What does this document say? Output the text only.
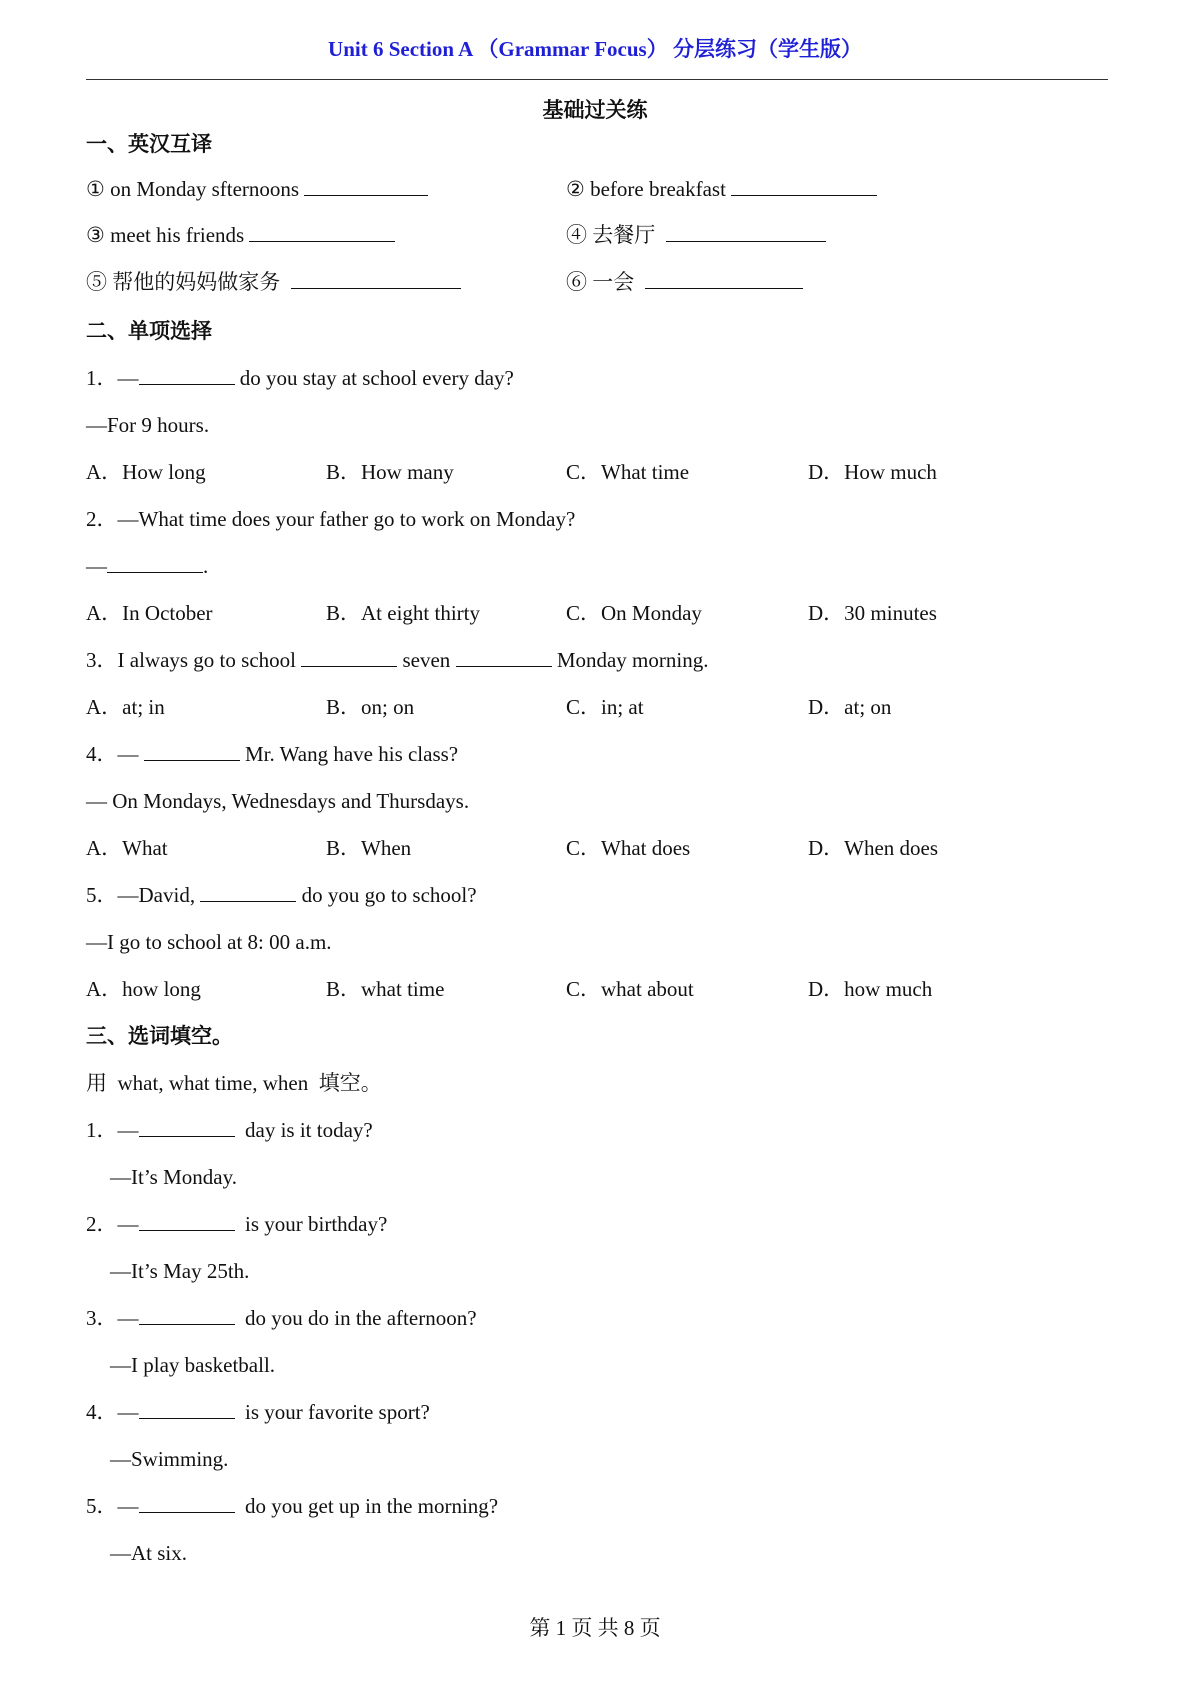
Unit 6 Section A （Grammar Focus） 分层练习（学生版）
基础过关练
一、英汉互译
① on Monday sfternoons	② before breakfast
③ meet his friends	④ 去餐厅
⑤ 帮他的妈妈做家务	⑥ 一会
二、单项选择
1．—	do you stay at school every day?
—For 9 hours.
A．How long	B．How many	C．What time	D．How much
2．—What time does your father go to work on Monday?
—	.
A．In October	B．At eight thirty	C．On Monday	D．30 minutes
3．I always go to school	seven	Monday morning.
A．at; in	B．on; on	C．in; at	D．at; on
4．—	Mr. Wang have his class?
— On Mondays, Wednesdays and Thursdays.
A．What	B．When	C．What does	D．When does
5．—David,	do you go to school?
—I go to school at 8: 00 a.m.
A．how long	B．what time	C．what about	D．how much
三、选词填空。
用  what, what time, when  填空。
1．—	day is it today?
—It’s Monday.
2．—	is your birthday?
—It’s May 25th.
3．—	do you do in the afternoon?
—I play basketball.
4．—	is your favorite sport?
—Swimming.
5．—	do you get up in the morning?
—At six.
第 1 页 共 8 页
